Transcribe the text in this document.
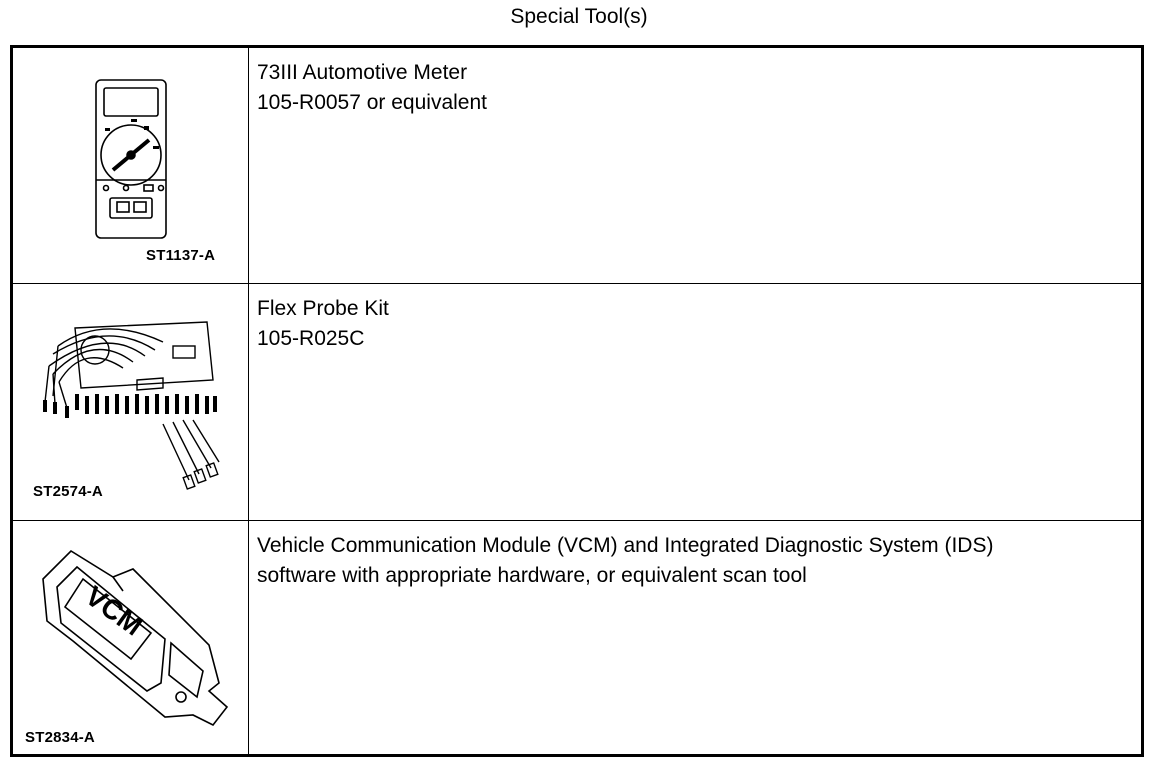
Special Tool(s)
ST1137-A
73III Automotive Meter
105-R0057 or equivalent
ST2574-A
Flex Probe Kit
105-R025C
VCM
ST2834-A
Vehicle Communication Module (VCM) and Integrated Diagnostic System (IDS)
software with appropriate hardware, or equivalent scan tool
